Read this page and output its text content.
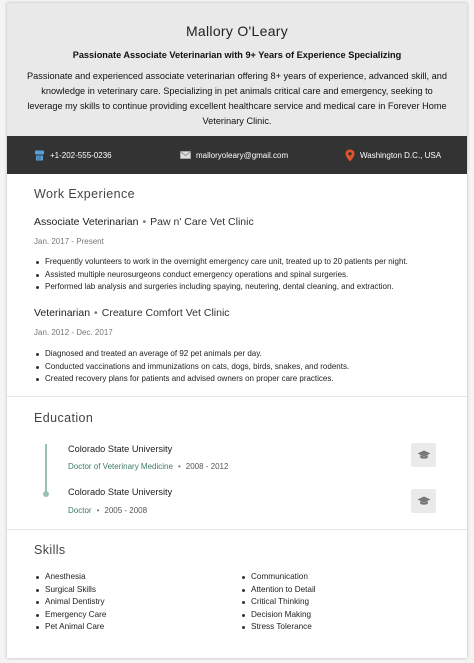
Mallory O'Leary
Passionate Associate Veterinarian with 9+ Years of Experience Specializing
Passionate and experienced associate veterinarian offering 8+ years of experience, advanced skill, and knowledge in veterinary care. Specializing in pet animals critical care and emergency, seeking to leverage my skills to continue providing excellent healthcare service and medical care in Forever Home Veterinary Clinic.
+1-202-555-0236	malloryoleary@gmail.com	Washington D.C., USA
Work Experience
Associate Veterinarian • Paw n' Care Vet Clinic
Jan. 2017 - Present
Frequently volunteers to work in the overnight emergency care unit, treated up to 20 patients per night.
Assisted multiple neurosurgeons conduct emergency operations and spinal surgeries.
Performed lab analysis and surgeries including spaying, neutering, dental cleaning, and extraction.
Veterinarian • Creature Comfort Vet Clinic
Jan. 2012 - Dec. 2017
Diagnosed and treated an average of 92 pet animals per day.
Conducted vaccinations and immunizations on cats, dogs, birds, snakes, and rodents.
Created recovery plans for patients and advised owners on proper care practices.
Education
Colorado State University
Doctor of Veterinary Medicine • 2008 - 2012
Colorado State University
Doctor • 2005 - 2008
Skills
Anesthesia
Surgical Skills
Animal Dentistry
Emergency Care
Pet Animal Care
Communication
Attention to Detail
Critical Thinking
Decision Making
Stress Tolerance
